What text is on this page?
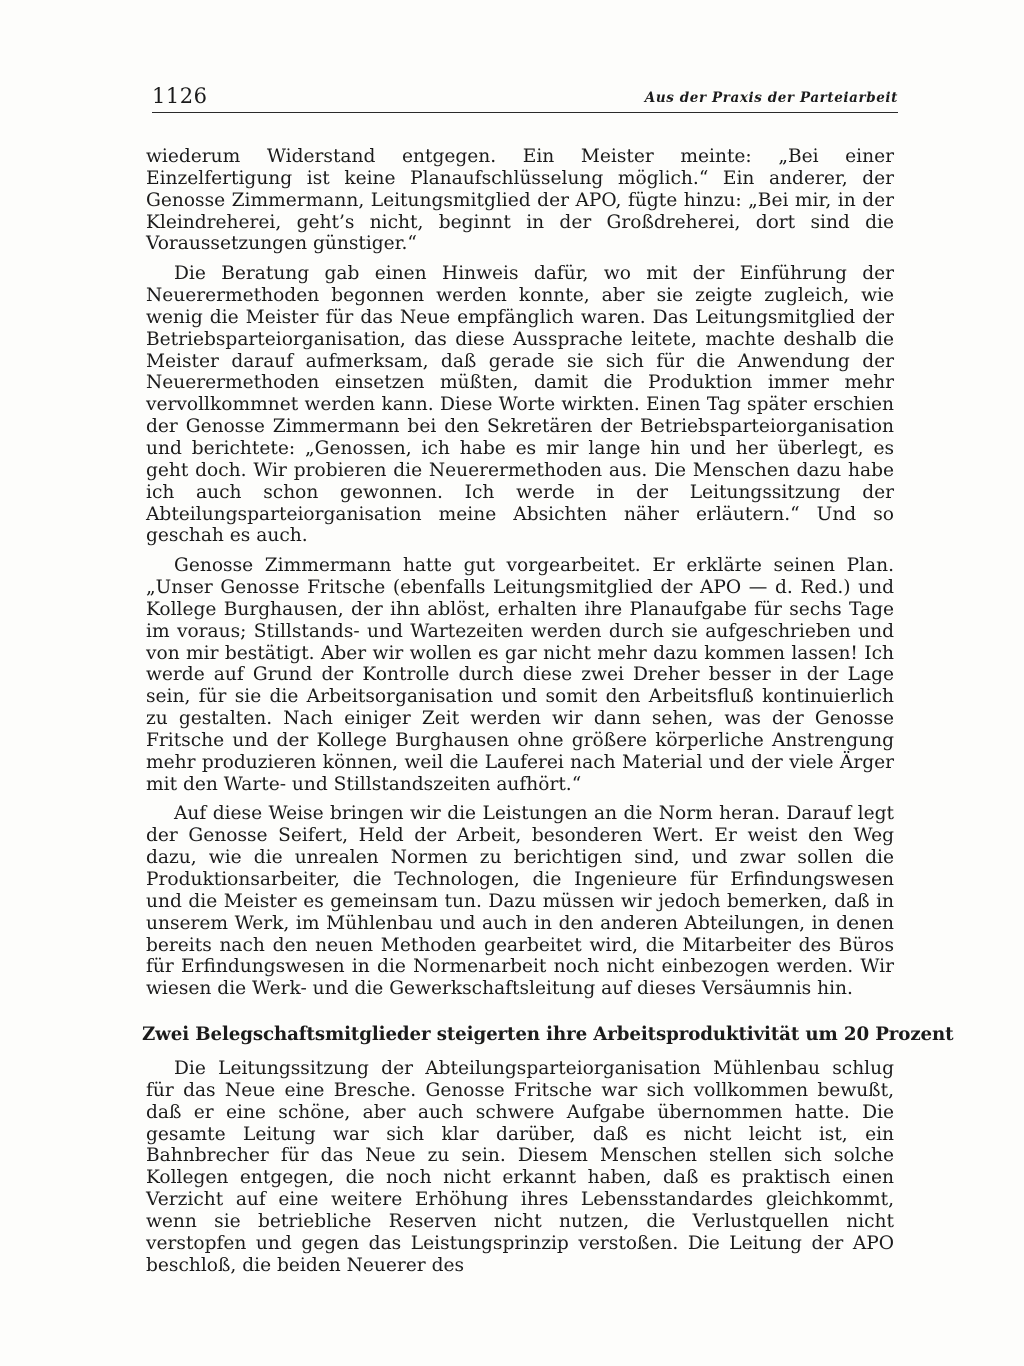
1126	Aus der Praxis der Parteiarbeit

wiederum Widerstand entgegen. Ein Meister meinte: „Bei einer Einzelfertigung ist keine Planaufschlüsselung möglich.“ Ein anderer, der Genosse Zimmermann, Leitungsmitglied der APO, fügte hinzu: „Bei mir, in der Kleindreherei, geht’s nicht, beginnt in der Großdreherei, dort sind die Voraussetzungen günstiger.“

Die Beratung gab einen Hinweis dafür, wo mit der Einführung der Neuerermethoden begonnen werden konnte, aber sie zeigte zugleich, wie wenig die Meister für das Neue empfänglich waren. Das Leitungsmitglied der Betriebsparteiorganisation, das diese Aussprache leitete, machte deshalb die Meister darauf aufmerksam, daß gerade sie sich für die Anwendung der Neuerermethoden einsetzen müßten, damit die Produktion immer mehr vervollkommnet werden kann. Diese Worte wirkten. Einen Tag später erschien der Genosse Zimmermann bei den Sekretären der Betriebsparteiorganisation und berichtete: „Genossen, ich habe es mir lange hin und her überlegt, es geht doch. Wir probieren die Neuerermethoden aus. Die Menschen dazu habe ich auch schon gewonnen. Ich werde in der Leitungssitzung der Abteilungsparteiorganisation meine Absichten näher erläutern.“ Und so geschah es auch.

Genosse Zimmermann hatte gut vorgearbeitet. Er erklärte seinen Plan. „Unser Genosse Fritsche (ebenfalls Leitungsmitglied der APO — d. Red.) und Kollege Burghausen, der ihn ablöst, erhalten ihre Planaufgabe für sechs Tage im voraus; Stillstands- und Wartezeiten werden durch sie aufgeschrieben und von mir bestätigt. Aber wir wollen es gar nicht mehr dazu kommen lassen! Ich werde auf Grund der Kontrolle durch diese zwei Dreher besser in der Lage sein, für sie die Arbeitsorganisation und somit den Arbeitsfluß kontinuierlich zu gestalten. Nach einiger Zeit werden wir dann sehen, was der Genosse Fritsche und der Kollege Burghausen ohne größere körperliche Anstrengung mehr produzieren können, weil die Lauferei nach Material und der viele Ärger mit den Warte- und Stillstandszeiten aufhört.“

Auf diese Weise bringen wir die Leistungen an die Norm heran. Darauf legt der Genosse Seifert, Held der Arbeit, besonderen Wert. Er weist den Weg dazu, wie die unrealen Normen zu berichtigen sind, und zwar sollen die Produktionsarbeiter, die Technologen, die Ingenieure für Erfindungswesen und die Meister es gemeinsam tun. Dazu müssen wir jedoch bemerken, daß in unserem Werk, im Mühlenbau und auch in den anderen Abteilungen, in denen bereits nach den neuen Methoden gearbeitet wird, die Mitarbeiter des Büros für Erfindungswesen in die Normenarbeit noch nicht einbezogen werden. Wir wiesen die Werk- und die Gewerkschaftsleitung auf dieses Versäumnis hin.

Zwei Belegschaftsmitglieder steigerten ihre Arbeitsproduktivität um 20 Prozent

Die Leitungssitzung der Abteilungsparteiorganisation Mühlenbau schlug für das Neue eine Bresche. Genosse Fritsche war sich vollkommen bewußt, daß er eine schöne, aber auch schwere Aufgabe übernommen hatte. Die gesamte Leitung war sich klar darüber, daß es nicht leicht ist, ein Bahnbrecher für das Neue zu sein. Diesem Menschen stellen sich solche Kollegen entgegen, die noch nicht erkannt haben, daß es praktisch einen Verzicht auf eine weitere Erhöhung ihres Lebensstandardes gleichkommt, wenn sie betriebliche Reserven nicht nutzen, die Verlustquellen nicht verstopfen und gegen das Leistungsprinzip verstoßen. Die Leitung der APO beschloß, die beiden Neuerer des
